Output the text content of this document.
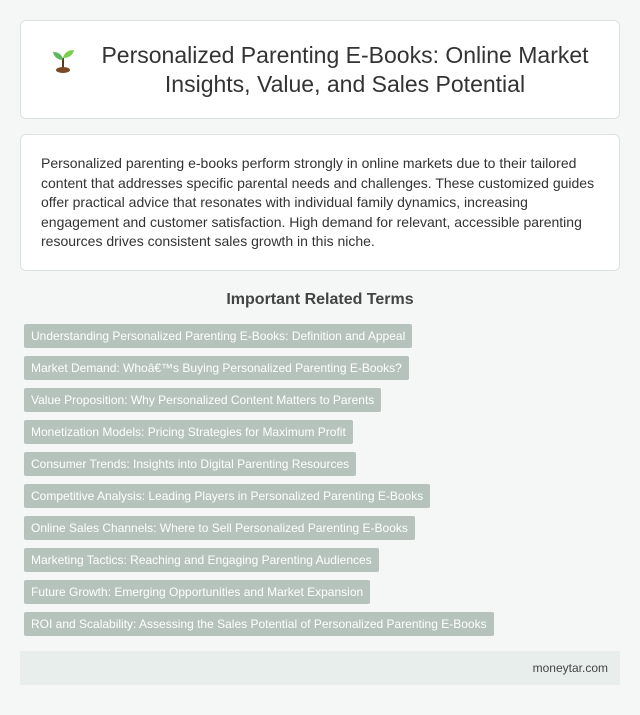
Personalized Parenting E-Books: Online Market Insights, Value, and Sales Potential

Personalized parenting e-books perform strongly in online markets due to their tailored content that addresses specific parental needs and challenges. These customized guides offer practical advice that resonates with individual family dynamics, increasing engagement and customer satisfaction. High demand for relevant, accessible parenting resources drives consistent sales growth in this niche.

Important Related Terms
Understanding Personalized Parenting E-Books: Definition and Appeal
Market Demand: Whoâ€™s Buying Personalized Parenting E-Books?
Value Proposition: Why Personalized Content Matters to Parents
Monetization Models: Pricing Strategies for Maximum Profit
Consumer Trends: Insights into Digital Parenting Resources
Competitive Analysis: Leading Players in Personalized Parenting E-Books
Online Sales Channels: Where to Sell Personalized Parenting E-Books
Marketing Tactics: Reaching and Engaging Parenting Audiences
Future Growth: Emerging Opportunities and Market Expansion
ROI and Scalability: Assessing the Sales Potential of Personalized Parenting E-Books
moneytar.com
